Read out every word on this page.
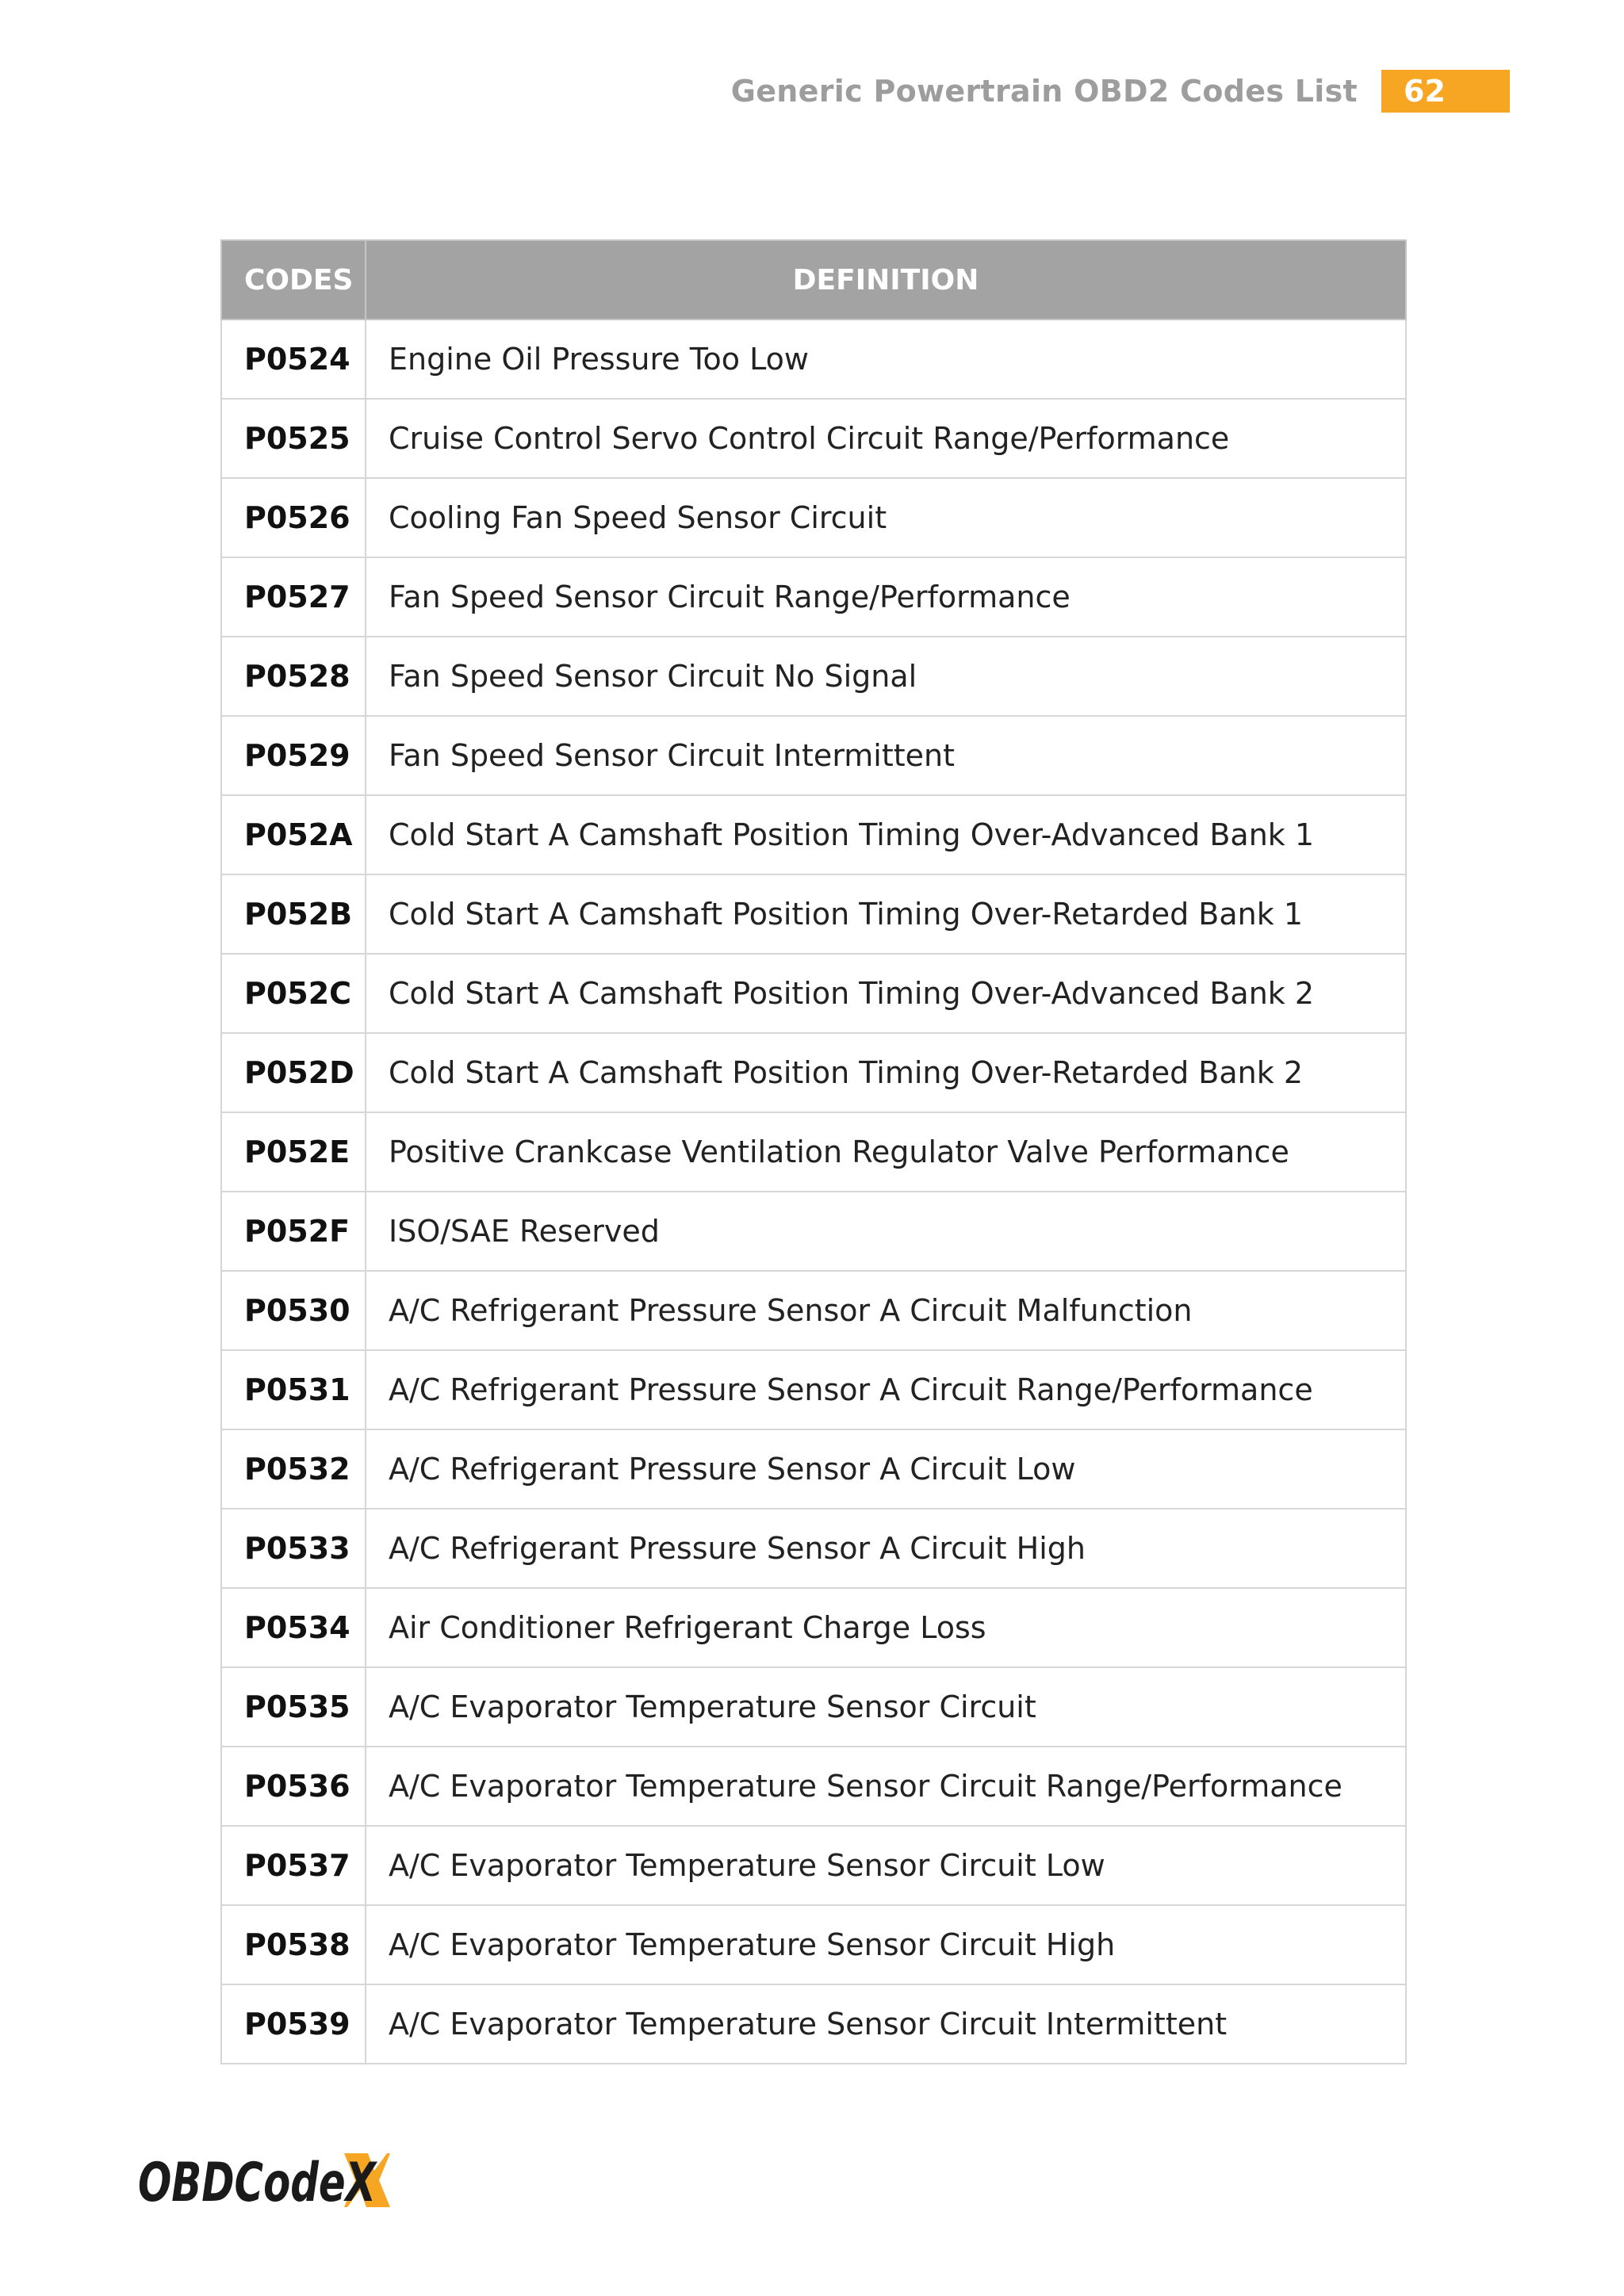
Generic Powertrain OBD2 Codes List	62
CODES	DEFINITION
P0524	Engine Oil Pressure Too Low
P0525	Cruise Control Servo Control Circuit Range/Performance
P0526	Cooling Fan Speed Sensor Circuit
P0527	Fan Speed Sensor Circuit Range/Performance
P0528	Fan Speed Sensor Circuit No Signal
P0529	Fan Speed Sensor Circuit Intermittent
P052A	Cold Start A Camshaft Position Timing Over-Advanced Bank 1
P052B	Cold Start A Camshaft Position Timing Over-Retarded Bank 1
P052C	Cold Start A Camshaft Position Timing Over-Advanced Bank 2
P052D	Cold Start A Camshaft Position Timing Over-Retarded Bank 2
P052E	Positive Crankcase Ventilation Regulator Valve Performance
P052F	ISO/SAE Reserved
P0530	A/C Refrigerant Pressure Sensor A Circuit Malfunction
P0531	A/C Refrigerant Pressure Sensor A Circuit Range/Performance
P0532	A/C Refrigerant Pressure Sensor A Circuit Low
P0533	A/C Refrigerant Pressure Sensor A Circuit High
P0534	Air Conditioner Refrigerant Charge Loss
P0535	A/C Evaporator Temperature Sensor Circuit
P0536	A/C Evaporator Temperature Sensor Circuit Range/Performance
P0537	A/C Evaporator Temperature Sensor Circuit Low
P0538	A/C Evaporator Temperature Sensor Circuit High
P0539	A/C Evaporator Temperature Sensor Circuit Intermittent
OBDCodeX
